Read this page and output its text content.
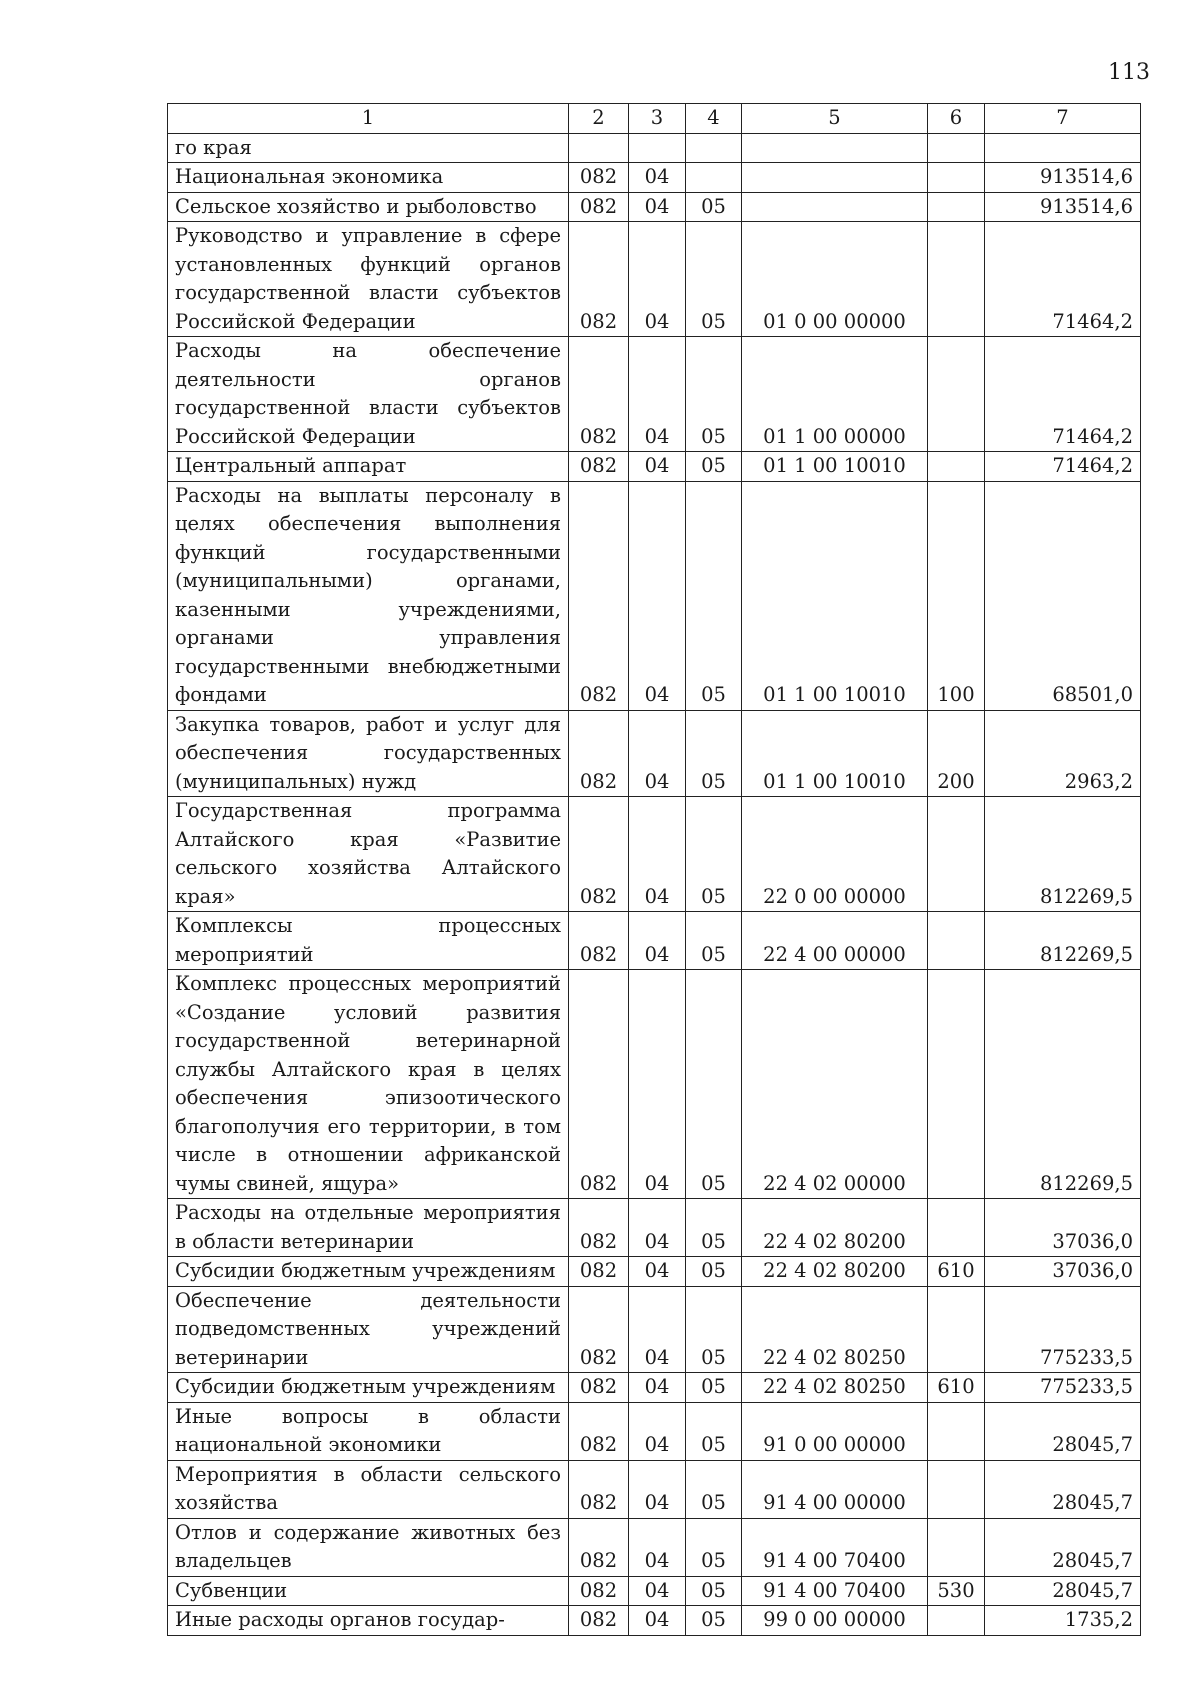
113
1	2	3	4	5	6	7
го края						
Национальная экономика	082	04				913514,6
Сельское хозяйство и рыболовство	082	04	05			913514,6
Руководство и управление в сфере установленных функций органов государственной власти субъектов Российской Федерации	082	04	05	01 0 00 00000		71464,2
Расходы на обеспечение деятельности органов государственной власти субъектов Российской Федерации	082	04	05	01 1 00 00000		71464,2
Центральный аппарат	082	04	05	01 1 00 10010		71464,2
Расходы на выплаты персоналу в целях обеспечения выполнения функций государственными (муниципальными) органами, казенными учреждениями, органами управления государственными внебюджетными фондами	082	04	05	01 1 00 10010	100	68501,0
Закупка товаров, работ и услуг для обеспечения государственных (муниципальных) нужд	082	04	05	01 1 00 10010	200	2963,2
Государственная программа Алтайского края «Развитие сельского хозяйства Алтайского края»	082	04	05	22 0 00 00000		812269,5
Комплексы процессных мероприятий	082	04	05	22 4 00 00000		812269,5
Комплекс процессных мероприятий «Создание условий развития государственной ветеринарной службы Алтайского края в целях обеспечения эпизоотического благополучия его территории, в том числе в отношении африканской чумы свиней, ящура»	082	04	05	22 4 02 00000		812269,5
Расходы на отдельные мероприятия в области ветеринарии	082	04	05	22 4 02 80200		37036,0
Субсидии бюджетным учреждениям	082	04	05	22 4 02 80200	610	37036,0
Обеспечение деятельности подведомственных учреждений ветеринарии	082	04	05	22 4 02 80250		775233,5
Субсидии бюджетным учреждениям	082	04	05	22 4 02 80250	610	775233,5
Иные вопросы в области национальной экономики	082	04	05	91 0 00 00000		28045,7
Мероприятия в области сельского хозяйства	082	04	05	91 4 00 00000		28045,7
Отлов и содержание животных без владельцев	082	04	05	91 4 00 70400		28045,7
Субвенции	082	04	05	91 4 00 70400	530	28045,7
Иные расходы органов государ-	082	04	05	99 0 00 00000		1735,2
